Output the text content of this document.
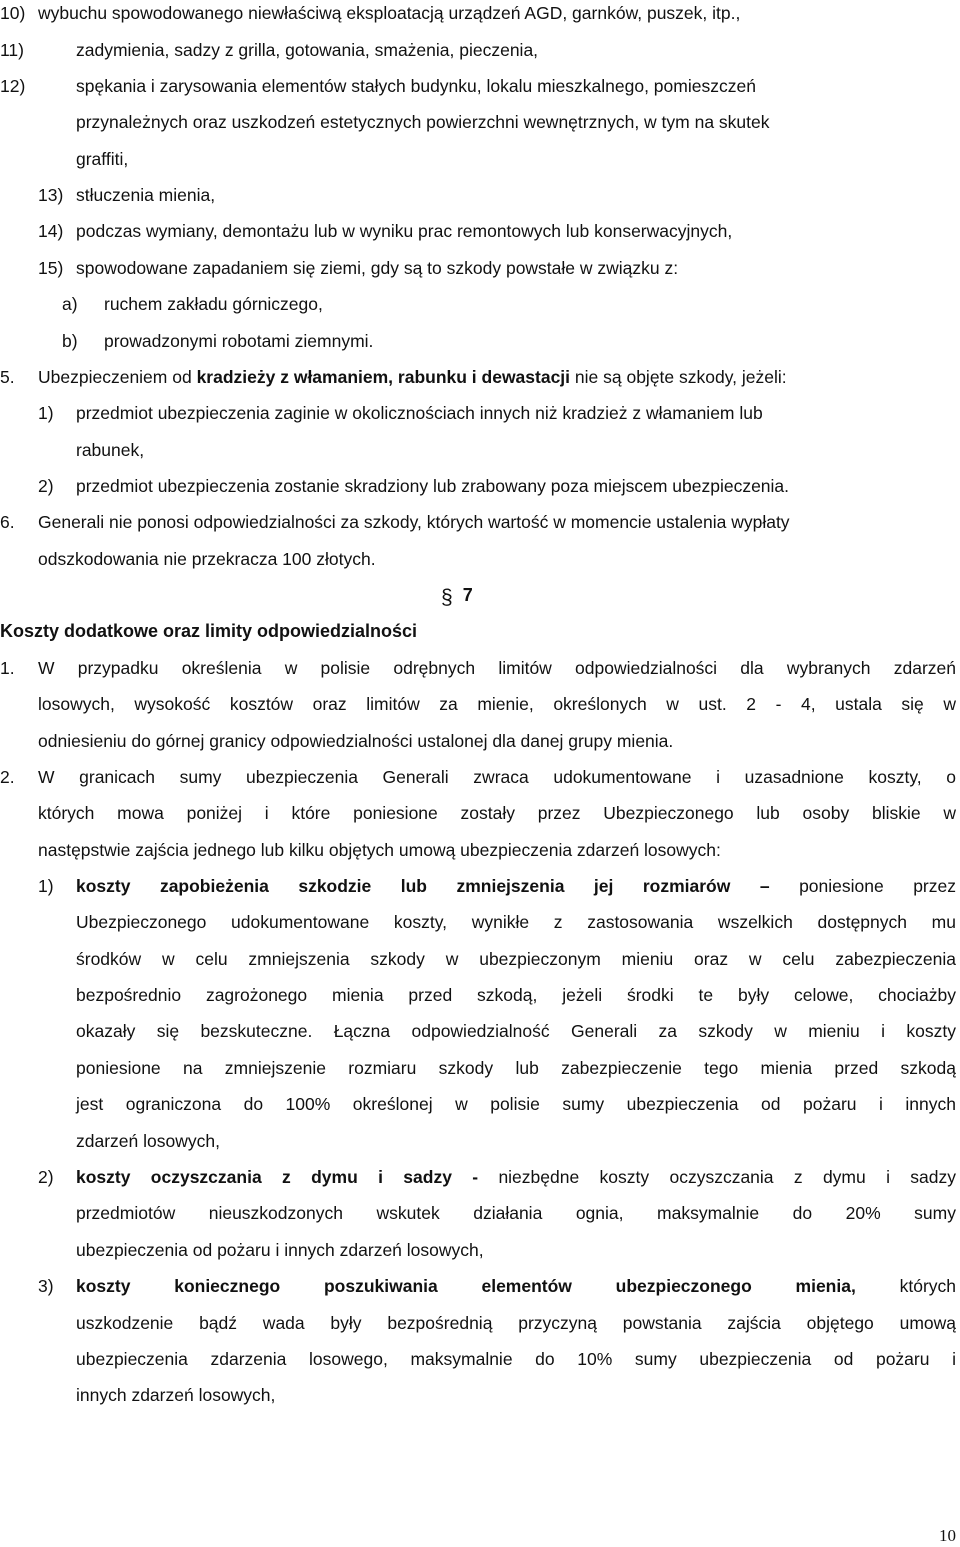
10) wybuchu spowodowanego niewłaściwą eksploatacją urządzeń AGD, garnków, puszek, itp.,
11)	zadymienia, sadzy z grilla, gotowania, smażenia, pieczenia,
12)	spękania i zarysowania elementów stałych budynku, lokalu mieszkalnego, pomieszczeń
przynależnych oraz uszkodzeń estetycznych powierzchni wewnętrznych, w tym na skutek
graffiti,
13) stłuczenia mienia,
14) podczas wymiany, demontażu lub w wyniku prac remontowych lub konserwacyjnych,
15) spowodowane zapadaniem się ziemi, gdy są to szkody powstałe w związku z:
a) ruchem zakładu górniczego,
b) prowadzonymi robotami ziemnymi.
5. Ubezpieczeniem od kradzieży z włamaniem, rabunku i dewastacji nie są objęte szkody, jeżeli:
1) przedmiot ubezpieczenia zaginie w okolicznościach innych niż kradzież z włamaniem lub
rabunek,
2) przedmiot ubezpieczenia zostanie skradziony lub zrabowany poza miejscem ubezpieczenia.
6. Generali nie ponosi odpowiedzialności za szkody, których wartość w momencie ustalenia wypłaty
odszkodowania nie przekracza 100 złotych.
§ 7
Koszty dodatkowe oraz limity odpowiedzialności
1. W przypadku określenia w polisie odrębnych limitów odpowiedzialności dla wybranych zdarzeń
losowych, wysokość kosztów oraz limitów za mienie, określonych w ust. 2 - 4, ustala się w
odniesieniu do górnej granicy odpowiedzialności ustalonej dla danej grupy mienia.
2. W granicach sumy ubezpieczenia Generali zwraca udokumentowane i uzasadnione koszty, o
których mowa poniżej i które poniesione zostały przez Ubezpieczonego lub osoby bliskie w
następstwie zajścia jednego lub kilku objętych umową ubezpieczenia zdarzeń losowych:
1) koszty zapobieżenia szkodzie lub zmniejszenia jej rozmiarów – poniesione przez
Ubezpieczonego udokumentowane koszty, wynikłe z zastosowania wszelkich dostępnych mu
środków w celu zmniejszenia szkody w ubezpieczonym mieniu oraz w celu zabezpieczenia
bezpośrednio zagrożonego mienia przed szkodą, jeżeli środki te były celowe, chociażby
okazały się bezskuteczne. Łączna odpowiedzialność Generali za szkody w mieniu i koszty
poniesione na zmniejszenie rozmiaru szkody lub zabezpieczenie tego mienia przed szkodą
jest ograniczona do 100% określonej w polisie sumy ubezpieczenia od pożaru i innych
zdarzeń losowych,
2) koszty oczyszczania z dymu i sadzy - niezbędne koszty oczyszczania z dymu i sadzy
przedmiotów nieuszkodzonych wskutek działania ognia, maksymalnie do 20% sumy
ubezpieczenia od pożaru i innych zdarzeń losowych,
3) koszty koniecznego poszukiwania elementów ubezpieczonego mienia,	których
uszkodzenie bądź wada były bezpośrednią przyczyną powstania zajścia objętego umową
ubezpieczenia zdarzenia losowego, maksymalnie do 10% sumy ubezpieczenia od pożaru i
innych zdarzeń losowych,
10
